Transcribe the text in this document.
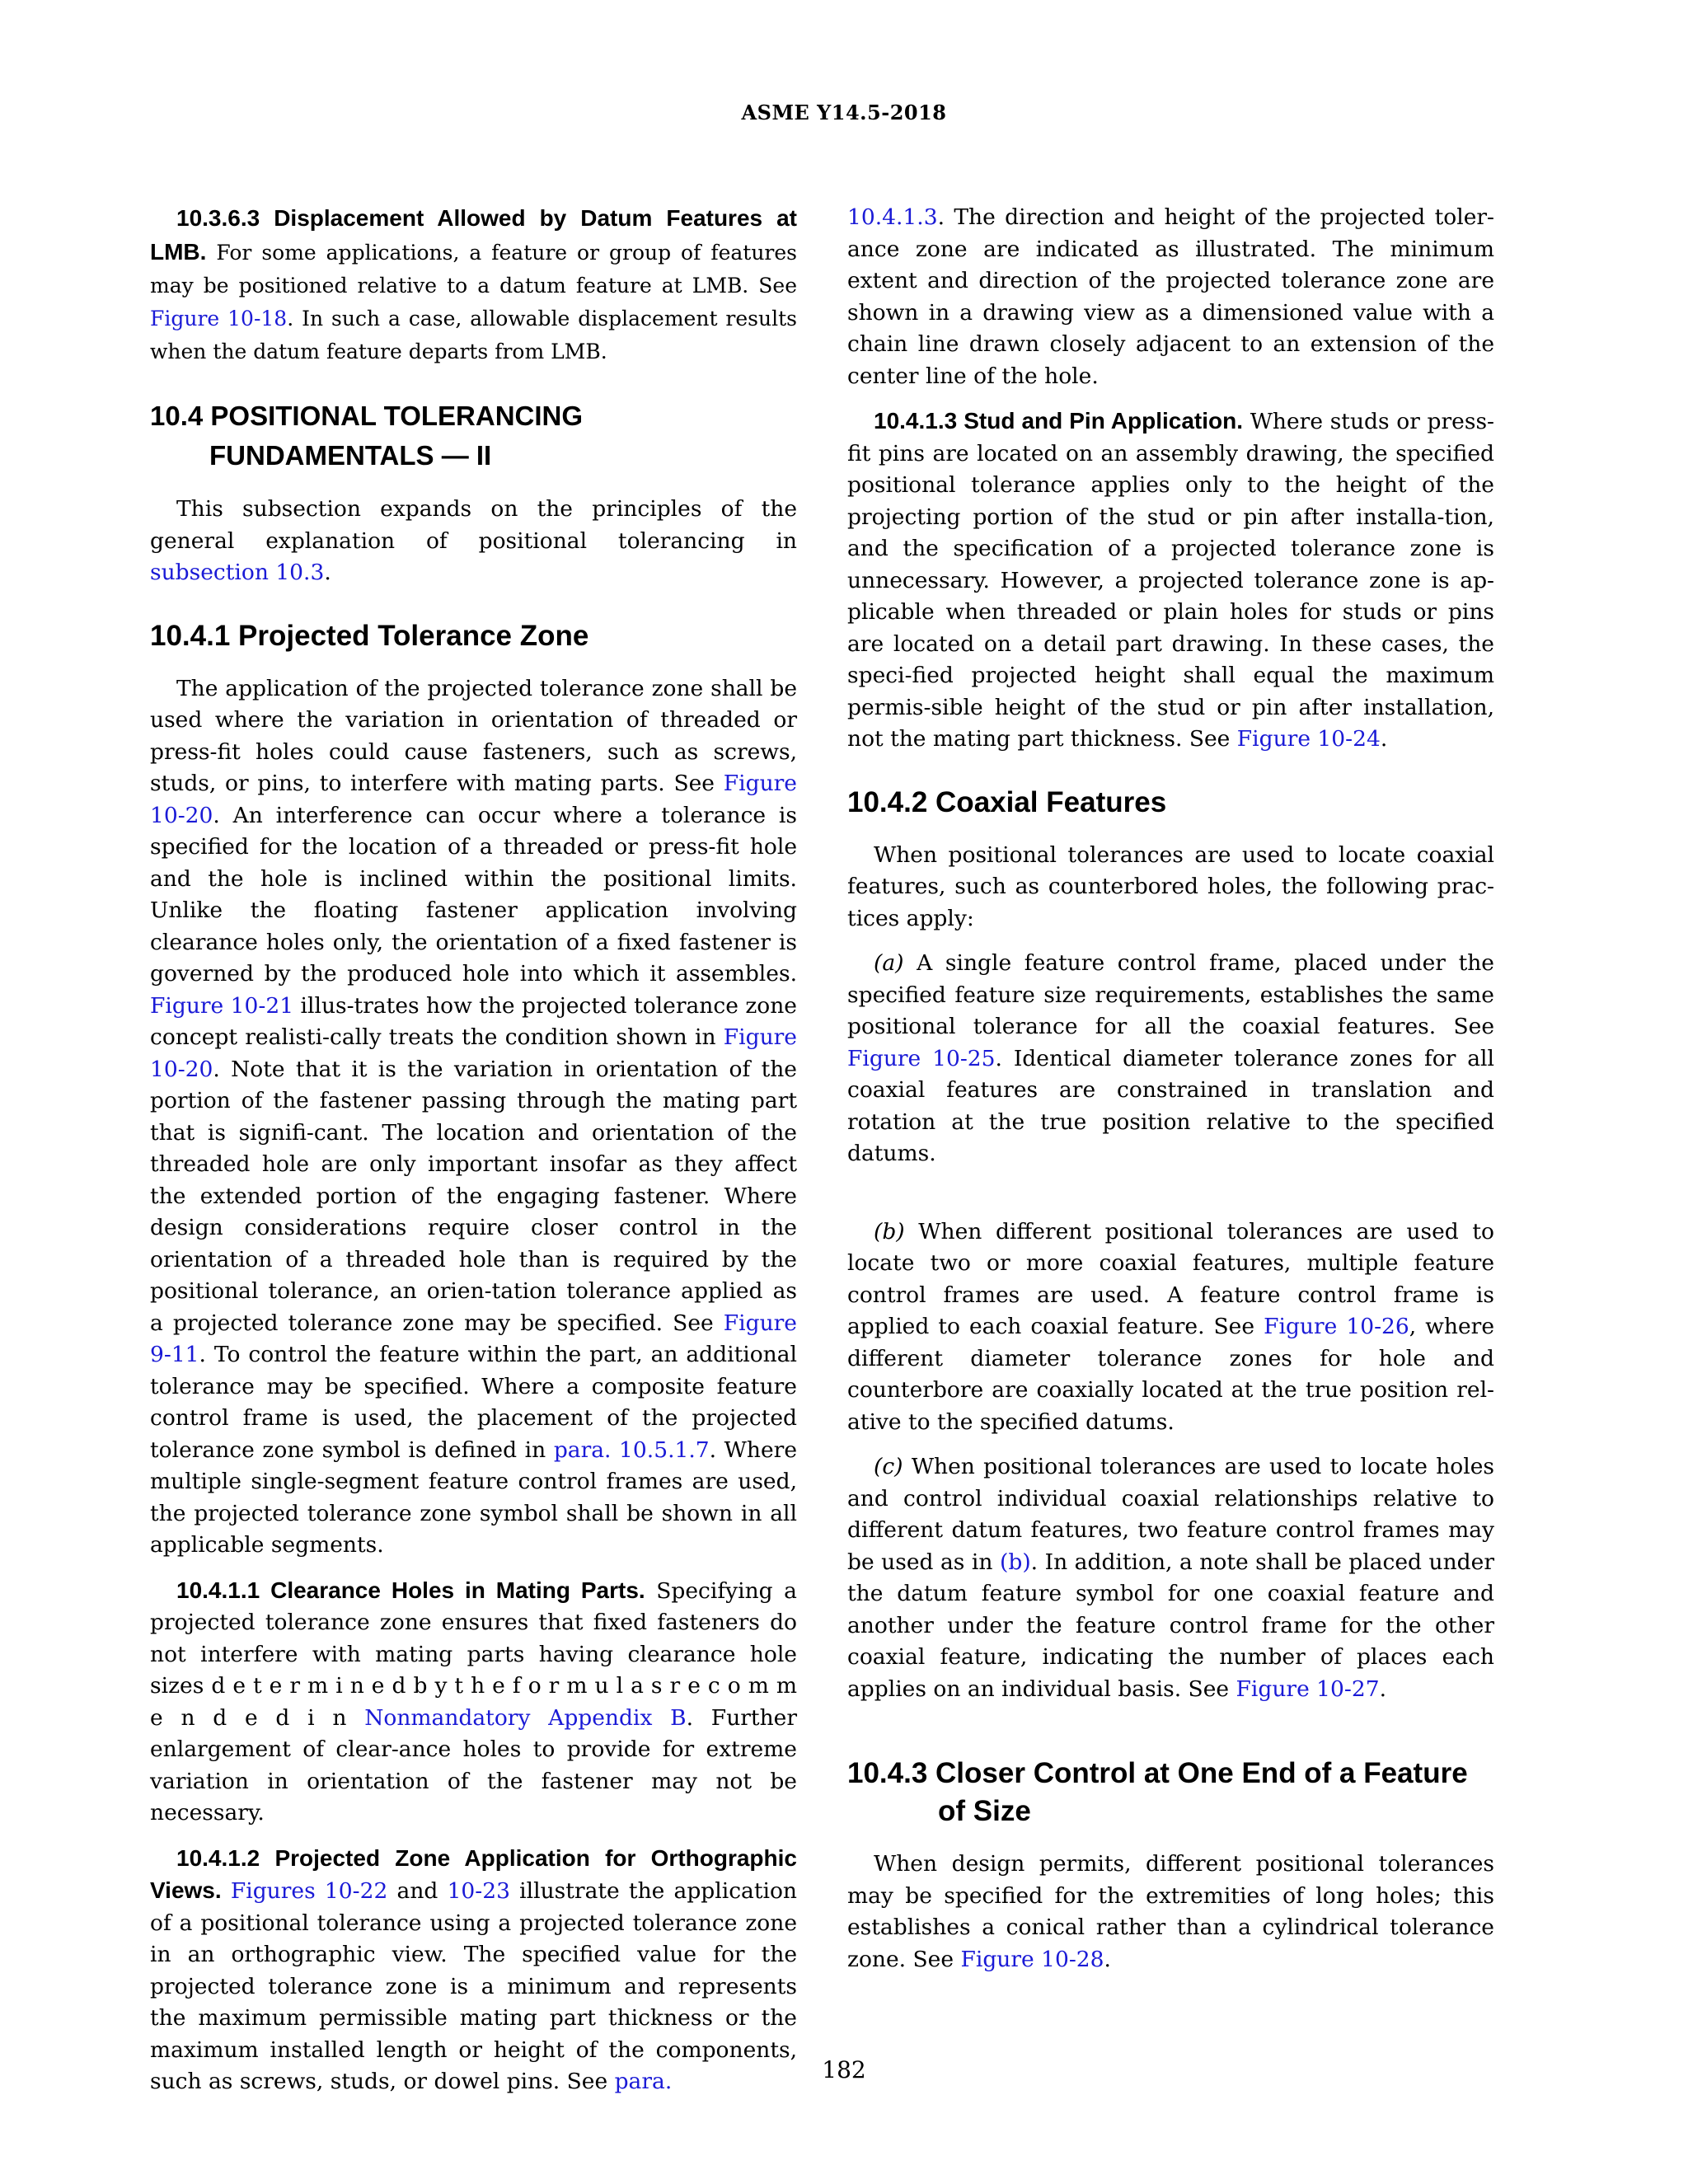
ASME Y14.5-2018

10.3.6.3 Displacement Allowed by Datum Features at LMB. For some applications, a feature or group of features may be positioned relative to a datum feature at LMB. See Figure 10-18. In such a case, allowable displacement results when the datum feature departs from LMB.

10.4 POSITIONAL TOLERANCING
FUNDAMENTALS — II

This subsection expands on the principles of the general explanation of positional tolerancing in subsection 10.3.

10.4.1 Projected Tolerance Zone

The application of the projected tolerance zone shall be used where the variation in orientation of threaded or press-fit holes could cause fasteners, such as screws, studs, or pins, to interfere with mating parts. See Figure 10-20. An interference can occur where a tolerance is specified for the location of a threaded or press-fit hole and the hole is inclined within the positional limits. Unlike the floating fastener application involving clearance holes only, the orientation of a fixed fastener is governed by the produced hole into which it assembles. Figure 10-21 illus-trates how the projected tolerance zone concept realisti-cally treats the condition shown in Figure 10-20. Note that it is the variation in orientation of the portion of the fastener passing through the mating part that is signifi-cant. The location and orientation of the threaded hole are only important insofar as they affect the extended portion of the engaging fastener. Where design considerations require closer control in the orientation of a threaded hole than is required by the positional tolerance, an orien-tation tolerance applied as a projected tolerance zone may be specified. See Figure 9-11. To control the feature within the part, an additional tolerance may be specified. Where a composite feature control frame is used, the placement of the projected tolerance zone symbol is defined in para. 10.5.1.7. Where multiple single-segment feature control frames are used, the projected tolerance zone symbol shall be shown in all applicable segments.

10.4.1.1 Clearance Holes in Mating Parts. Specifying a projected tolerance zone ensures that fixed fasteners do not interfere with mating parts having clearance hole sizes d e t e r m i n e d b y t h e f o r m u l a s r e c o m m e n d e d i n Nonmandatory Appendix B. Further enlargement of clear-ance holes to provide for extreme variation in orientation of the fastener may not be necessary.

10.4.1.2 Projected Zone Application for Orthographic Views. Figures 10-22 and 10-23 illustrate the application of a positional tolerance using a projected tolerance zone in an orthographic view. The specified value for the projected tolerance zone is a minimum and represents the maximum permissible mating part thickness or the maximum installed length or height of the components, such as screws, studs, or dowel pins. See para.

10.4.1.3. The direction and height of the projected toler-ance zone are indicated as illustrated. The minimum extent and direction of the projected tolerance zone are shown in a drawing view as a dimensioned value with a chain line drawn closely adjacent to an extension of the center line of the hole.

10.4.1.3 Stud and Pin Application. Where studs or press-fit pins are located on an assembly drawing, the specified positional tolerance applies only to the height of the projecting portion of the stud or pin after installa-tion, and the specification of a projected tolerance zone is unnecessary. However, a projected tolerance zone is ap-plicable when threaded or plain holes for studs or pins are located on a detail part drawing. In these cases, the speci-fied projected height shall equal the maximum permis-sible height of the stud or pin after installation, not the mating part thickness. See Figure 10-24.

10.4.2 Coaxial Features

When positional tolerances are used to locate coaxial features, such as counterbored holes, the following prac-tices apply:

(a) A single feature control frame, placed under the specified feature size requirements, establishes the same positional tolerance for all the coaxial features. See Figure 10-25. Identical diameter tolerance zones for all coaxial features are constrained in translation and rotation at the true position relative to the specified datums.

(b) When different positional tolerances are used to locate two or more coaxial features, multiple feature control frames are used. A feature control frame is applied to each coaxial feature. See Figure 10-26, where different diameter tolerance zones for hole and counterbore are coaxially located at the true position rel-ative to the specified datums.

(c) When positional tolerances are used to locate holes and control individual coaxial relationships relative to different datum features, two feature control frames may be used as in (b). In addition, a note shall be placed under the datum feature symbol for one coaxial feature and another under the feature control frame for the other coaxial feature, indicating the number of places each applies on an individual basis. See Figure 10-27.

10.4.3 Closer Control at One End of a Feature
of Size

When design permits, different positional tolerances may be specified for the extremities of long holes; this establishes a conical rather than a cylindrical tolerance zone. See Figure 10-28.

182
